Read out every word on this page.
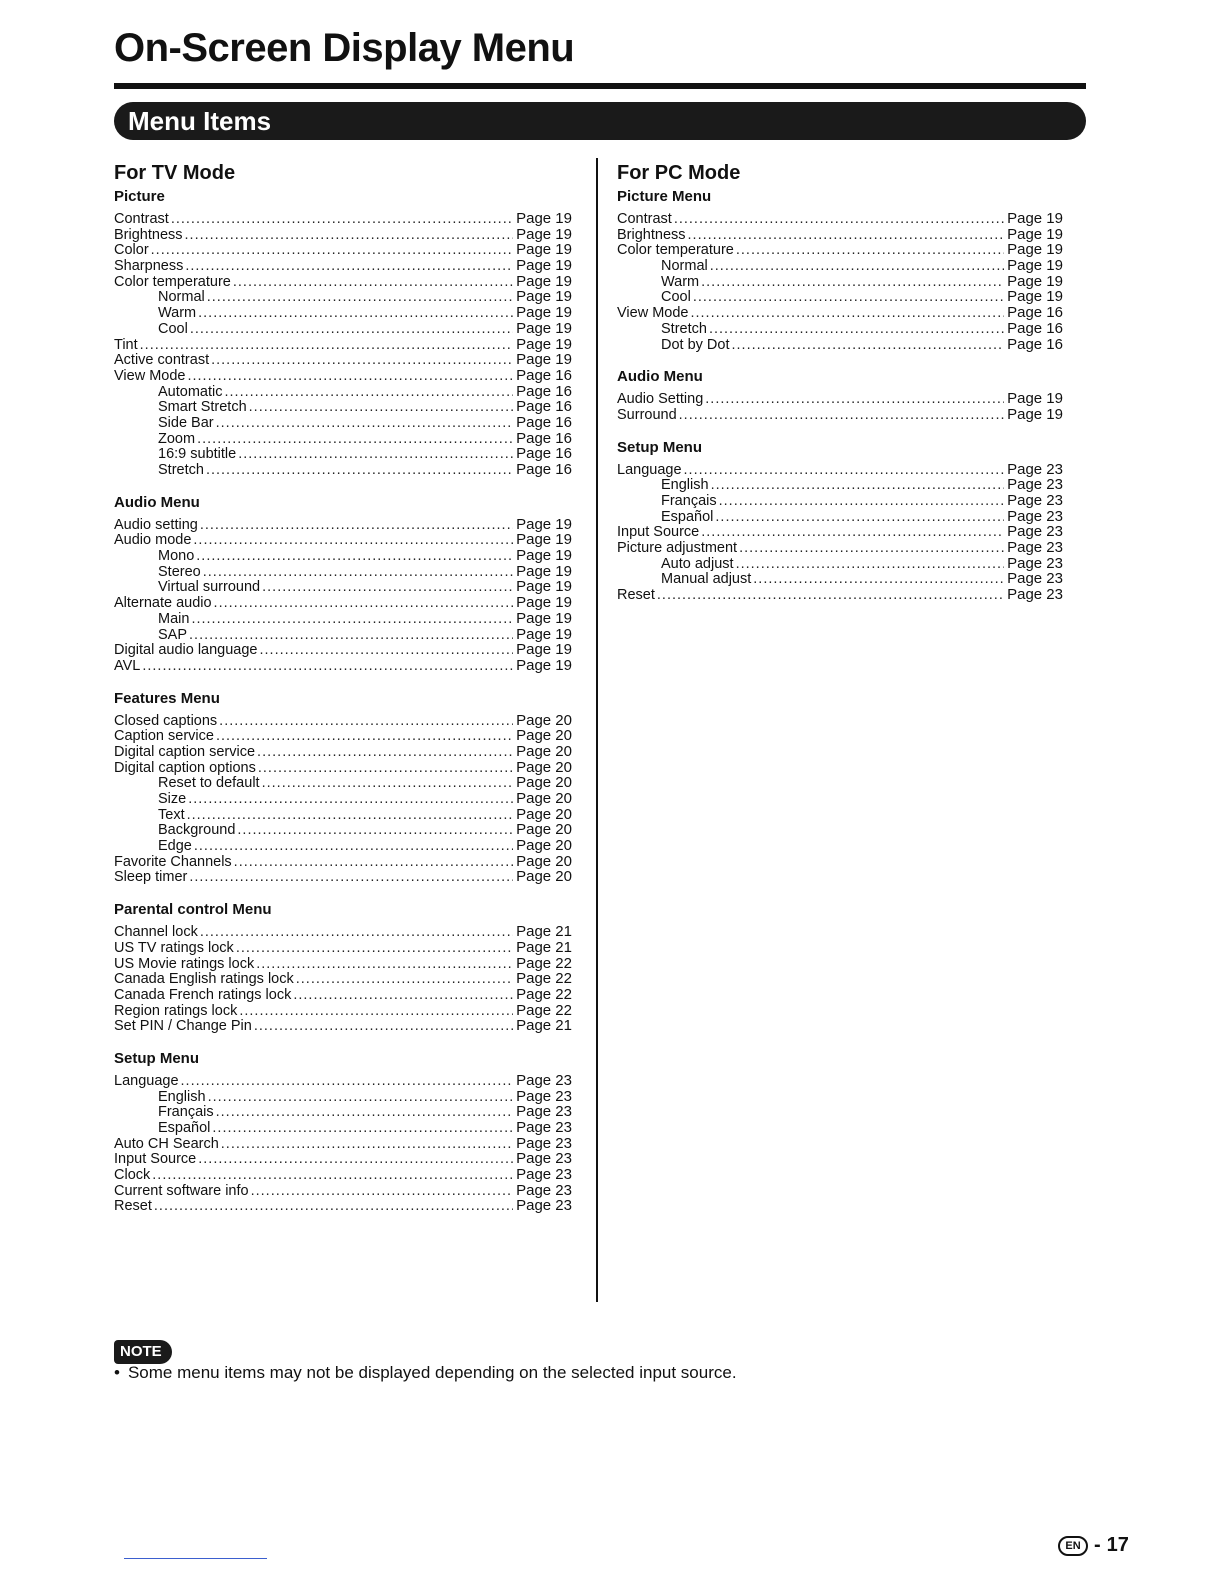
On-Screen Display Menu
Menu Items
For TV Mode
Picture
Contrast .....	Page 19
Brightness .....	Page 19
Color .....	Page 19
Sharpness .....	Page 19
Color temperature .....	Page 19
Normal .....	Page 19
Warm .....	Page 19
Cool .....	Page 19
Tint .....	Page 19
Active contrast .....	Page 19
View Mode .....	Page 16
Automatic .....	Page 16
Smart Stretch .....	Page 16
Side Bar .....	Page 16
Zoom .....	Page 16
16:9 subtitle .....	Page 16
Stretch .....	Page 16
Audio Menu
Audio setting .....	Page 19
Audio mode .....	Page 19
Mono .....	Page 19
Stereo .....	Page 19
Virtual surround .....	Page 19
Alternate audio .....	Page 19
Main .....	Page 19
SAP .....	Page 19
Digital audio language .....	Page 19
AVL .....	Page 19
Features Menu
Closed captions .....	Page 20
Caption service .....	Page 20
Digital caption service .....	Page 20
Digital caption options .....	Page 20
Reset to default .....	Page 20
Size .....	Page 20
Text .....	Page 20
Background .....	Page 20
Edge .....	Page 20
Favorite Channels .....	Page 20
Sleep timer .....	Page 20
Parental control Menu
Channel lock .....	Page 21
US TV ratings lock .....	Page 21
US Movie ratings lock .....	Page 22
Canada English ratings lock .....	Page 22
Canada French ratings lock .....	Page 22
Region ratings lock .....	Page 22
Set PIN / Change Pin .....	Page 21
Setup Menu
Language .....	Page 23
English .....	Page 23
Français .....	Page 23
Español .....	Page 23
Auto CH Search .....	Page 23
Input Source .....	Page 23
Clock .....	Page 23
Current software info .....	Page 23
Reset .....	Page 23
For PC Mode
Picture Menu
Contrast .....	Page 19
Brightness .....	Page 19
Color temperature .....	Page 19
Normal .....	Page 19
Warm .....	Page 19
Cool .....	Page 19
View Mode .....	Page 16
Stretch .....	Page 16
Dot by Dot .....	Page 16
Audio Menu
Audio Setting .....	Page 19
Surround .....	Page 19
Setup Menu
Language .....	Page 23
English .....	Page 23
Français .....	Page 23
Español .....	Page 23
Input Source .....	Page 23
Picture adjustment .....	Page 23
Auto adjust .....	Page 23
Manual adjust .....	Page 23
Reset .....	Page 23
NOTE
• Some menu items may not be displayed depending on the selected input source.
EN - 17
